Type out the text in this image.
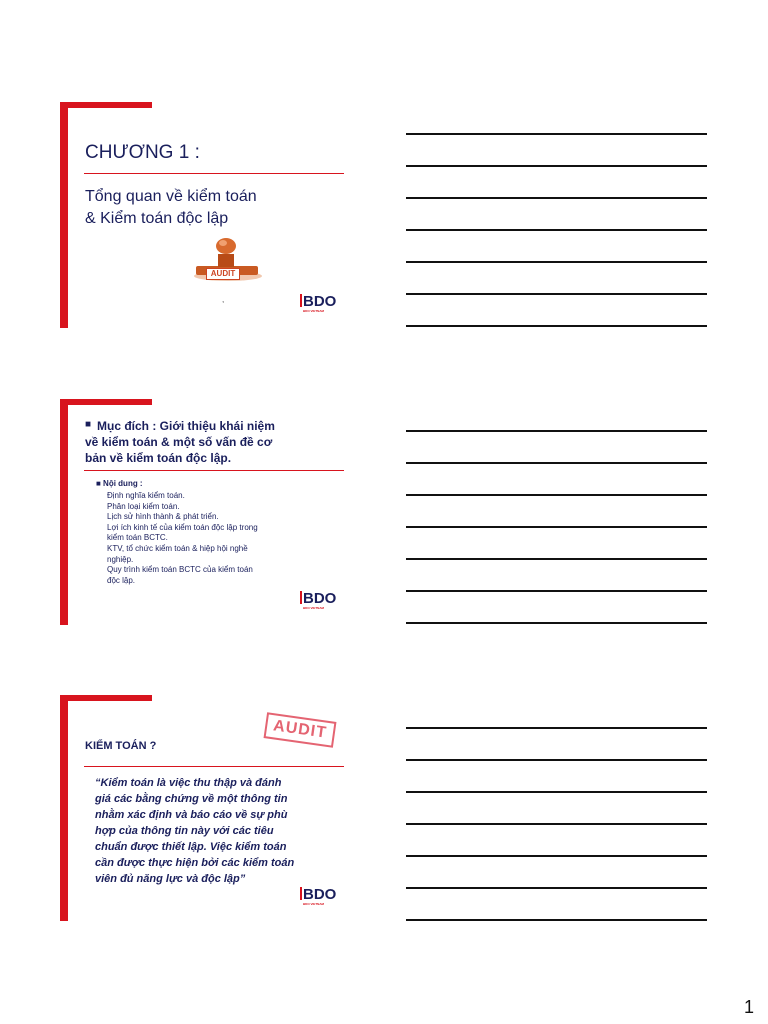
CHƯƠNG 1 :
Tổng quan về kiểm toán
& Kiểm toán độc lập
AUDIT
,	BDO
BDO VIETNAM
■ Mục đích : Giới thiệu khái niệm
về kiểm toán & một số vấn đề cơ
bản về kiểm toán độc lập.
■ Nội dung :
Định nghĩa kiểm toán.
Phân loại kiểm toán.
Lịch sử hình thành & phát triển.
Lợi ích kinh tế của kiểm toán độc lập trong
kiểm toán BCTC.
KTV, tổ chức kiểm toán & hiệp hội nghề
nghiệp.
Quy trình kiểm toán BCTC của kiểm toán
độc lập.
BDO
BDO VIETNAM
KIỂM TOÁN ?
AUDIT
“Kiểm toán là việc thu thập và đánh
giá các bằng chứng về một thông tin
nhằm xác định và báo cáo về sự phù
hợp của thông tin này với các tiêu
chuẩn được thiết lập. Việc kiểm toán
cần được thực hiện bởi các kiểm toán
viên đủ năng lực và độc lập”
BDO
BDO VIETNAM
1
